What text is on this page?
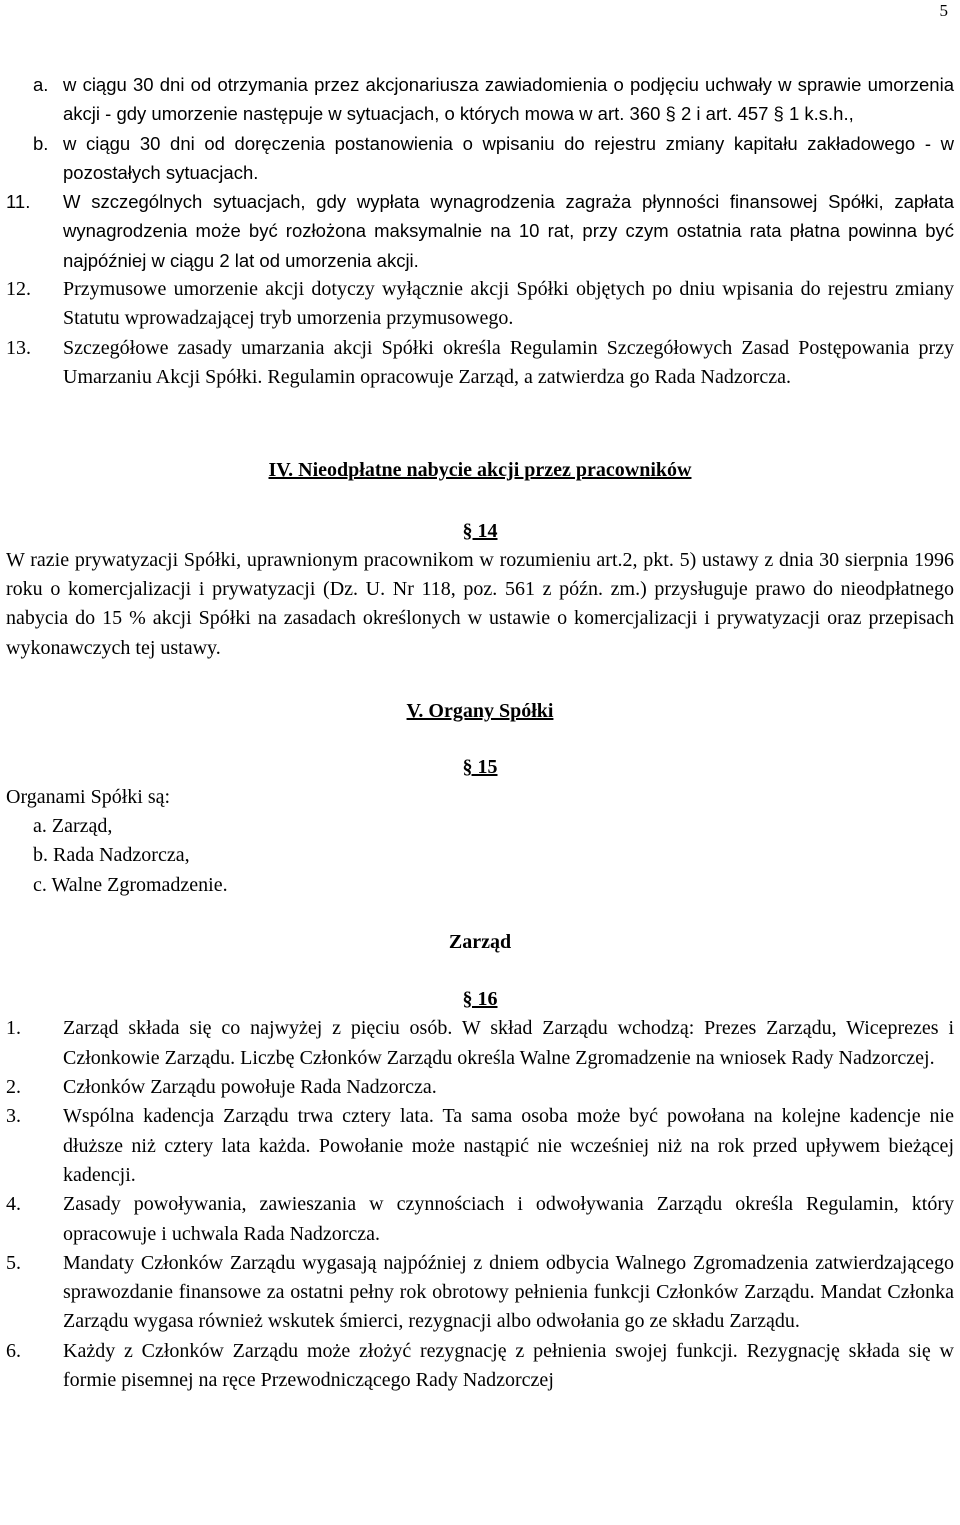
5
a. w ciągu 30 dni od otrzymania przez akcjonariusza zawiadomienia o podjęciu uchwały w sprawie umorzenia akcji - gdy umorzenie następuje w sytuacjach, o których mowa w art. 360 § 2 i art. 457 § 1 k.s.h.,
b. w ciągu 30 dni od doręczenia postanowienia o wpisaniu do rejestru zmiany kapitału zakładowego - w pozostałych sytuacjach.
11. W szczególnych sytuacjach, gdy wypłata wynagrodzenia zagraża płynności finansowej Spółki, zapłata wynagrodzenia może być rozłożona maksymalnie na 10 rat, przy czym ostatnia rata płatna powinna być najpóźniej w ciągu 2 lat od umorzenia akcji.
12. Przymusowe umorzenie akcji dotyczy wyłącznie akcji Spółki objętych po dniu wpisania do rejestru zmiany Statutu wprowadzającej tryb umorzenia przymusowego.
13. Szczegółowe zasady umarzania akcji Spółki określa Regulamin Szczegółowych Zasad Postępowania przy Umarzaniu Akcji Spółki. Regulamin opracowuje Zarząd, a zatwierdza go Rada Nadzorcza.
IV. Nieodpłatne nabycie akcji przez pracowników
§ 14
W razie prywatyzacji Spółki, uprawnionym pracownikom w rozumieniu art.2, pkt. 5) ustawy z dnia 30 sierpnia 1996 roku o komercjalizacji i prywatyzacji (Dz. U. Nr 118, poz. 561 z późn. zm.) przysługuje prawo do nieodpłatnego nabycia do 15 % akcji Spółki na zasadach określonych w ustawie o komercjalizacji i prywatyzacji oraz przepisach wykonawczych tej ustawy.
V. Organy Spółki
§ 15
Organami Spółki są:
a. Zarząd,
b. Rada Nadzorcza,
c. Walne Zgromadzenie.
Zarząd
§ 16
1. Zarząd składa się co najwyżej z pięciu osób. W skład Zarządu wchodzą: Prezes Zarządu, Wiceprezes i Członkowie Zarządu. Liczbę Członków Zarządu określa Walne Zgromadzenie na wniosek Rady Nadzorczej.
2. Członków Zarządu powołuje Rada Nadzorcza.
3. Wspólna kadencja Zarządu trwa cztery lata. Ta sama osoba może być powołana na kolejne kadencje nie dłuższe niż cztery lata każda. Powołanie może nastąpić nie wcześniej niż na rok przed upływem bieżącej kadencji.
4. Zasady powoływania, zawieszania w czynnościach i odwoływania Zarządu określa Regulamin, który opracowuje i uchwala Rada Nadzorcza.
5. Mandaty Członków Zarządu wygasają najpóźniej z dniem odbycia Walnego Zgromadzenia zatwierdzającego sprawozdanie finansowe za ostatni pełny rok obrotowy pełnienia funkcji Członków Zarządu. Mandat Członka Zarządu wygasa również wskutek śmierci, rezygnacji albo odwołania go ze składu Zarządu.
6. Każdy z Członków Zarządu może złożyć rezygnację z pełnienia swojej funkcji. Rezygnację składa się w formie pisemnej na ręce Przewodniczącego Rady Nadzorczej
